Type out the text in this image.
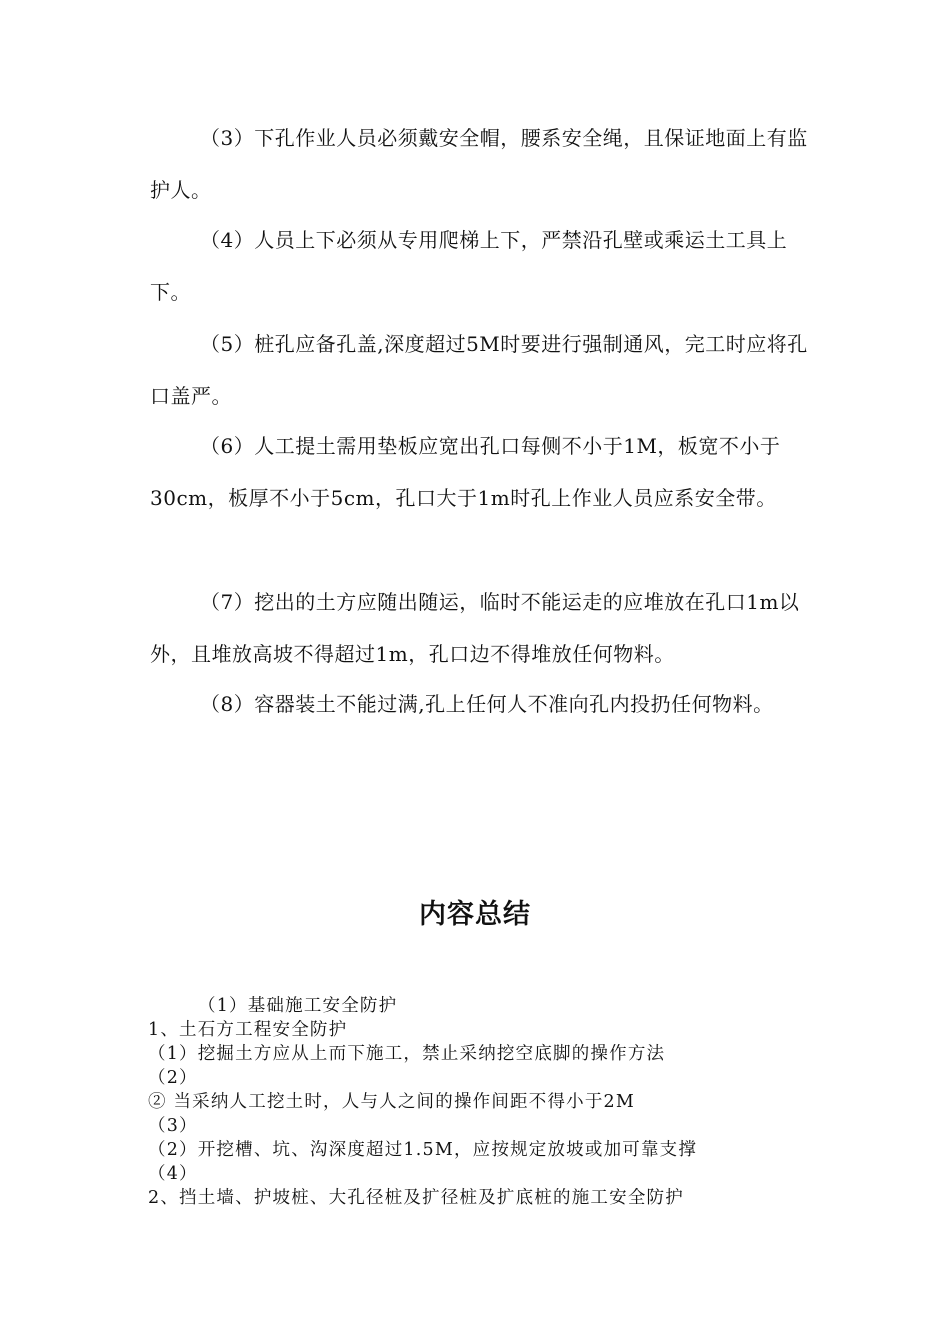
（3）下孔作业人员必须戴安全帽，腰系安全绳，且保证地面上有监护人。

（4）人员上下必须从专用爬梯上下，严禁沿孔壁或乘运土工具上下。

（5）桩孔应备孔盖,深度超过5M时要进行强制通风，完工时应将孔口盖严。

（6）人工提土需用垫板应宽出孔口每侧不小于1M，板宽不小于30cm，板厚不小于5cm，孔口大于1m时孔上作业人员应系安全带。

（7）挖出的土方应随出随运，临时不能运走的应堆放在孔口1m以外，且堆放高坡不得超过1m，孔口边不得堆放任何物料。

（8）容器装土不能过满,孔上任何人不准向孔内投扔任何物料。

内容总结

（1）基础施工安全防护

1、土石方工程安全防护

（1）挖掘土方应从上而下施工，禁止采纳挖空底脚的操作方法

（2）

② 当采纳人工挖土时，人与人之间的操作间距不得小于2M

（3）

（2）开挖槽、坑、沟深度超过1.5M，应按规定放坡或加可靠支撑

（4）

2、挡土墙、护坡桩、大孔径桩及扩径桩及扩底桩的施工安全防护
